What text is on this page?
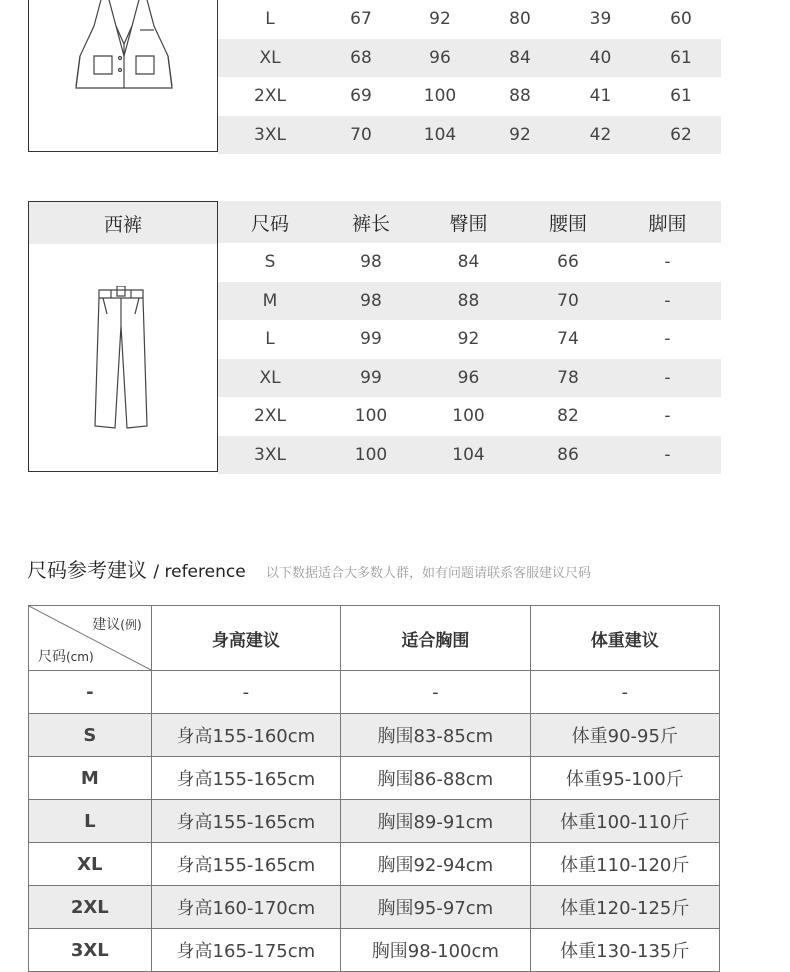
L	67	92	80	39	60
XL	68	96	84	40	61
2XL	69	100	88	41	61
3XL	70	104	92	42	62
西裤	尺码	裤长	臀围	腰围	脚围
S	98	84	66	-
M	98	88	70	-
L	99	92	74	-
XL	99	96	78	-
2XL	100	100	82	-
3XL	100	104	86	-
尺码参考建议 / reference 以下数据适合大多数人群，如有问题请联系客服建议尺码
建议(例)
尺码(cm)	身高建议	适合胸围	体重建议
-	-	-	-
S	身高155-160cm	胸围83-85cm	体重90-95斤
M	身高155-165cm	胸围86-88cm	体重95-100斤
L	身高155-165cm	胸围89-91cm	体重100-110斤
XL	身高155-165cm	胸围92-94cm	体重110-120斤
2XL	身高160-170cm	胸围95-97cm	体重120-125斤
3XL	身高165-175cm	胸围98-100cm	体重130-135斤
